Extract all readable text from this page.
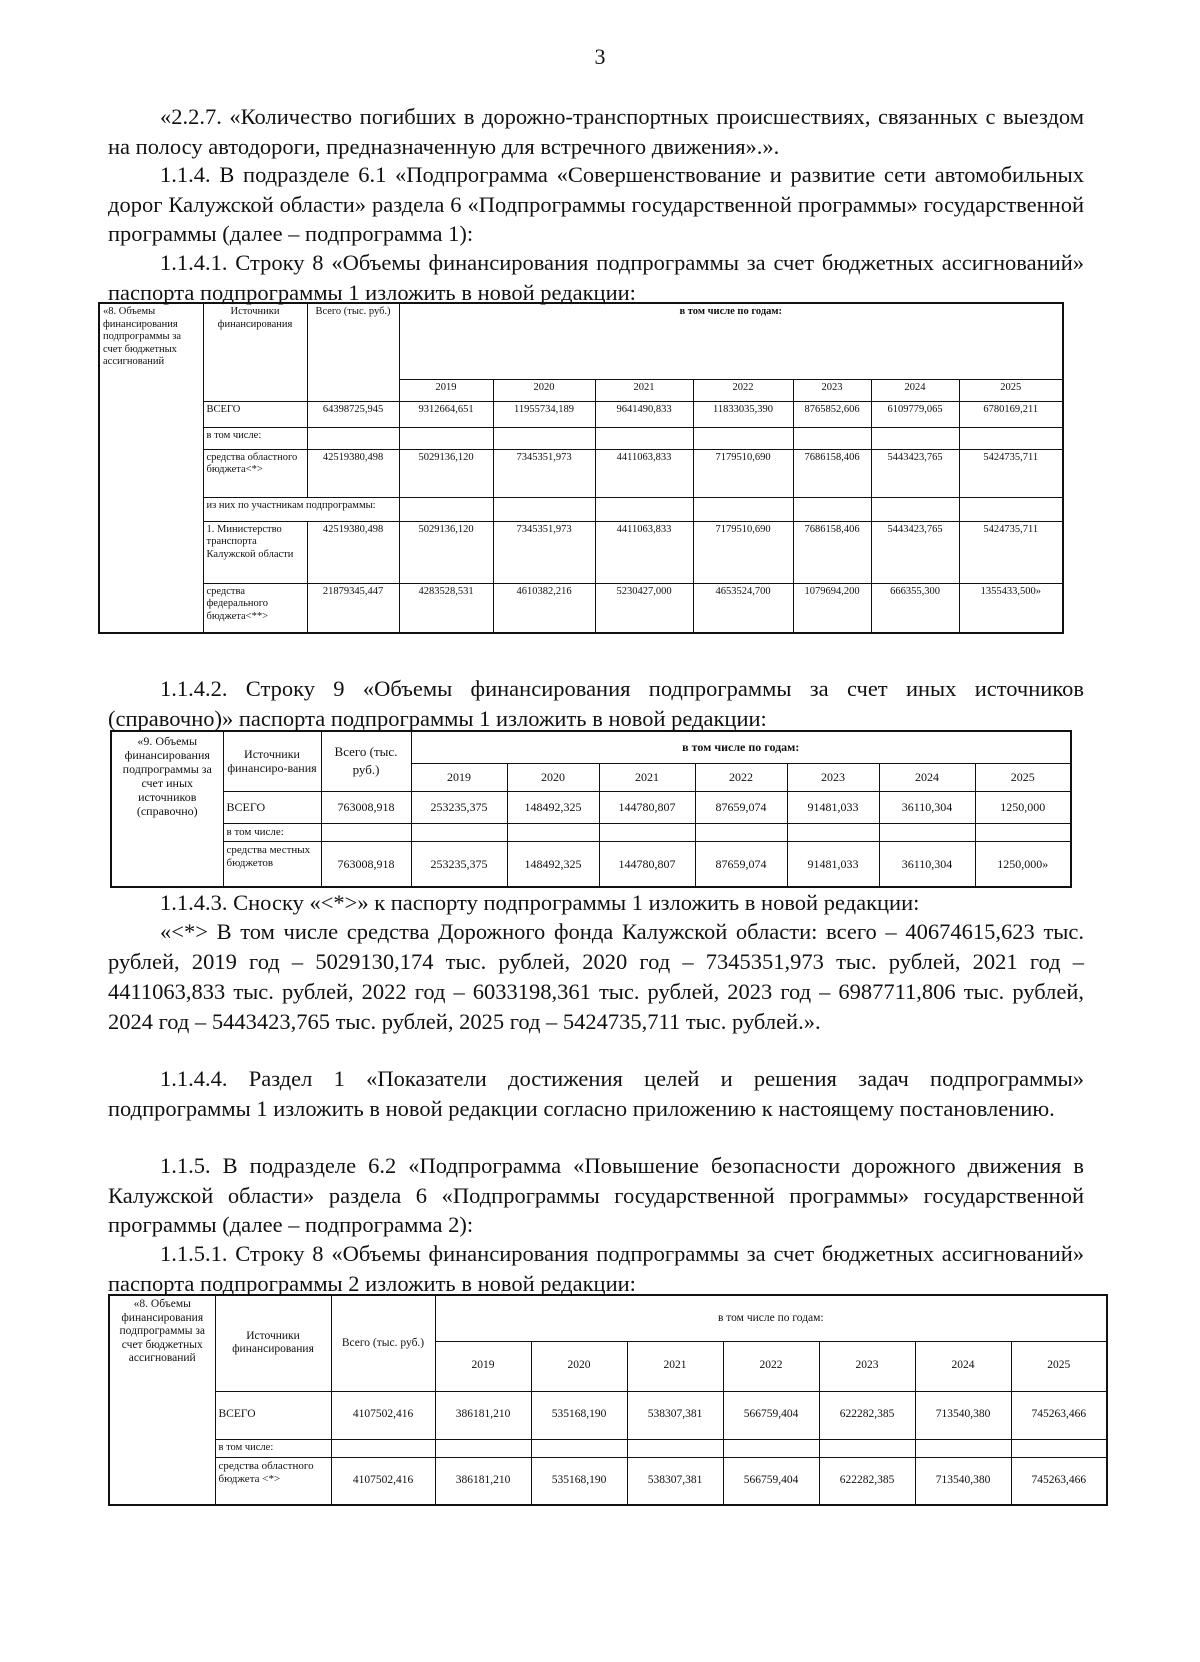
3

«2.2.7. «Количество погибших в дорожно-транспортных происшествиях, связанных с выездом на полосу автодороги, предназначенную для встречного движения».».

1.1.4. В подразделе 6.1 «Подпрограмма «Совершенствование и развитие сети автомобильных дорог Калужской области» раздела 6 «Подпрограммы государственной программы» государственной программы (далее – подпрограмма 1):

1.1.4.1. Строку 8 «Объемы финансирования подпрограммы за счет бюджетных ассигнований» паспорта подпрограммы 1 изложить в новой редакции:

«8. Объемы финансирования подпрограммы за счет бюджетных ассигнований	Источники финансирования	Всего (тыс. руб.)	в том числе по годам:						
			2019	2020	2021	2022	2023	2024	2025
	ВСЕГО	64398725,945	9312664,651	11955734,189	9641490,833	11833035,390	8765852,606	6109779,065	6780169,211
	в том числе:								
	средства областного бюджета<*>	42519380,498	5029136,120	7345351,973	4411063,833	7179510,690	7686158,406	5443423,765	5424735,711
	из них по участникам подпрограммы:								
	1. Министерство транспорта Калужской области	42519380,498	5029136,120	7345351,973	4411063,833	7179510,690	7686158,406	5443423,765	5424735,711
	средства федерального бюджета<**>	21879345,447	4283528,531	4610382,216	5230427,000	4653524,700	1079694,200	666355,300	1355433,500»

1.1.4.2. Строку 9 «Объемы финансирования подпрограммы за счет иных источников (справочно)» паспорта подпрограммы 1 изложить в новой редакции:

«9. Объемы финансирования подпрограммы за счет иных источников (справочно)	Источники финансиро-вания	Всего (тыс. руб.)	в том числе по годам:						
			2019	2020	2021	2022	2023	2024	2025
	ВСЕГО	763008,918	253235,375	148492,325	144780,807	87659,074	91481,033	36110,304	1250,000
	в том числе:								
	средства местных бюджетов	763008,918	253235,375	148492,325	144780,807	87659,074	91481,033	36110,304	1250,000»

1.1.4.3. Сноску «<*>» к паспорту подпрограммы 1 изложить в новой редакции:

«<*> В том числе средства Дорожного фонда Калужской области: всего – 40674615,623 тыс. рублей, 2019 год – 5029130,174 тыс. рублей, 2020 год – 7345351,973 тыс. рублей, 2021 год – 4411063,833 тыс. рублей, 2022 год – 6033198,361 тыс. рублей, 2023 год – 6987711,806 тыс. рублей, 2024 год – 5443423,765 тыс. рублей, 2025 год – 5424735,711 тыс. рублей.».

1.1.4.4. Раздел 1 «Показатели достижения целей и решения задач подпрограммы» подпрограммы 1 изложить в новой редакции согласно приложению к настоящему постановлению.

1.1.5. В подразделе 6.2 «Подпрограмма «Повышение безопасности дорожного движения в Калужской области» раздела 6 «Подпрограммы государственной программы» государственной программы (далее – подпрограмма 2):

1.1.5.1. Строку 8 «Объемы финансирования подпрограммы за счет бюджетных ассигнований» паспорта подпрограммы 2 изложить в новой редакции:

«8. Объемы финансирования подпрограммы за счет бюджетных ассигнований	Источники финансирования	Всего (тыс. руб.)	в том числе по годам:						
			2019	2020	2021	2022	2023	2024	2025
	ВСЕГО	4107502,416	386181,210	535168,190	538307,381	566759,404	622282,385	713540,380	745263,466
	в том числе:								
	средства областного бюджета <*>	4107502,416	386181,210	535168,190	538307,381	566759,404	622282,385	713540,380	745263,466
